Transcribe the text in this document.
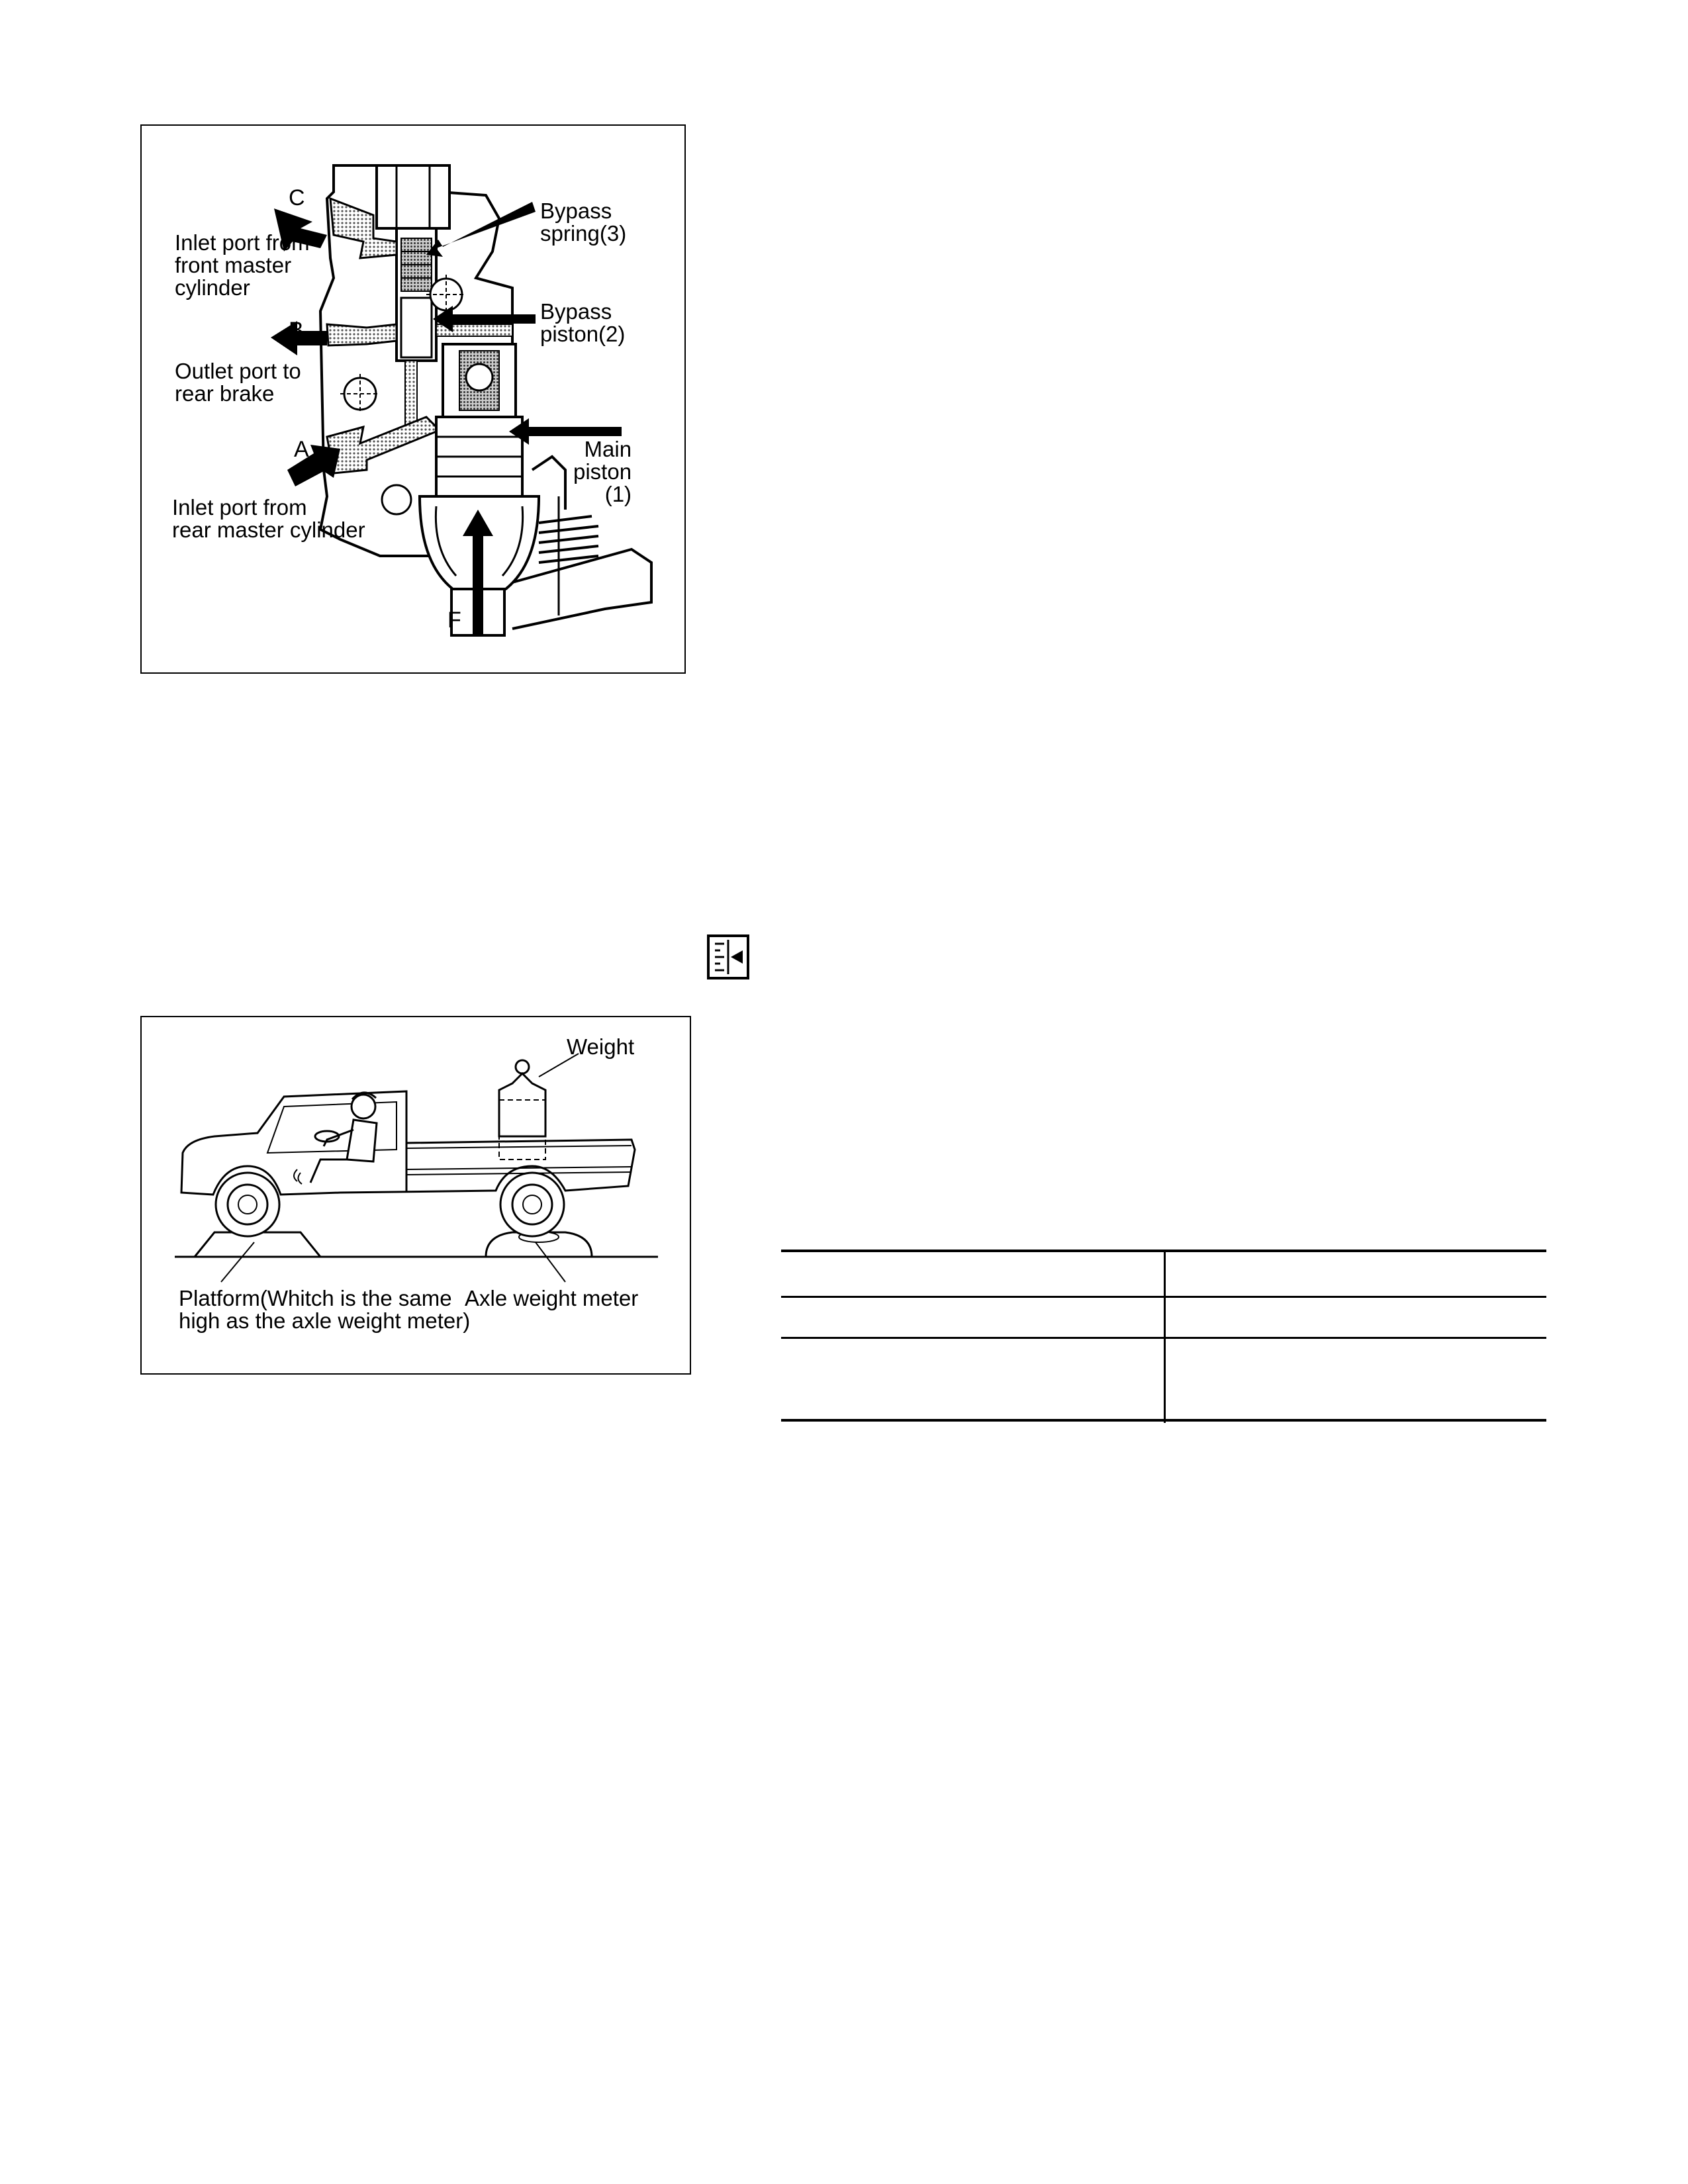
C
B
A
F
Bypass
spring(3)
Bypass
piston(2)
Main
piston
(1)
Inlet port from
front master
cylinder
Outlet port to
rear brake
Inlet port from
rear master cylinder
Weight
Platform(Whitch is the same
high as the axle weight meter)
Axle weight meter
